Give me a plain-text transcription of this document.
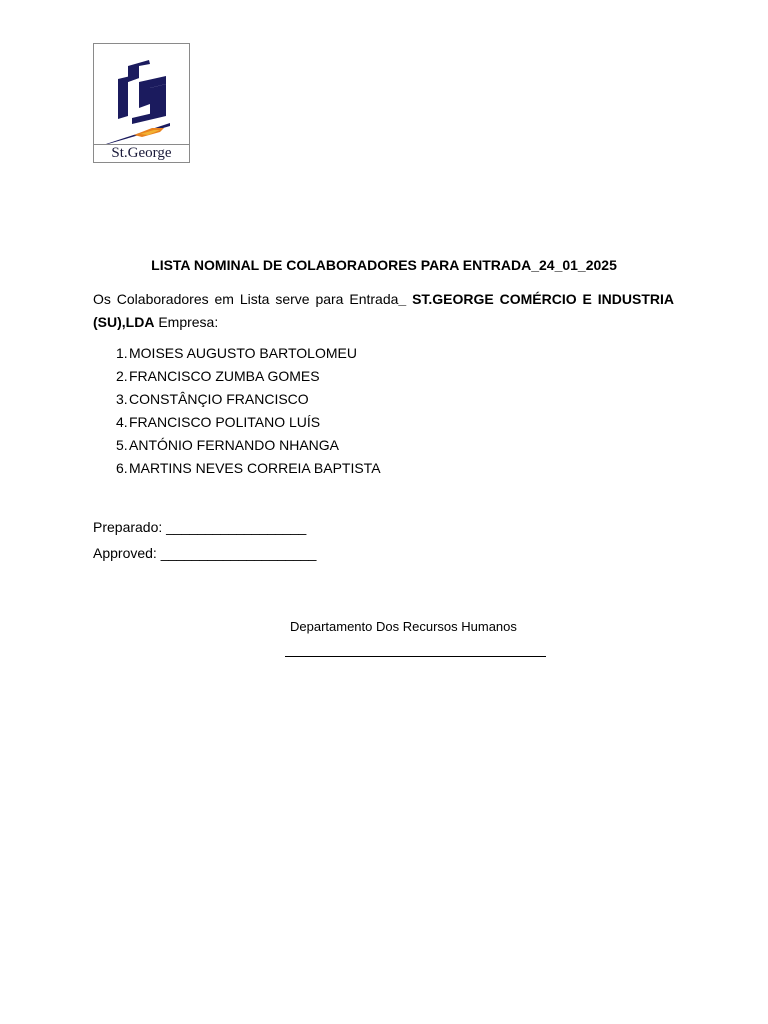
St.George
LISTA NOMINAL DE COLABORADORES PARA ENTRADA_24_01_2025
Os Colaboradores em Lista serve para Entrada_ ST.GEORGE COMÉRCIO E INDUSTRIA (SU),LDA Empresa:
1.MOISES AUGUSTO BARTOLOMEU
2.FRANCISCO ZUMBA GOMES
3.CONSTÂNÇIO FRANCISCO
4.FRANCISCO POLITANO LUÍS
5.ANTÓNIO FERNANDO NHANGA
6.MARTINS NEVES CORREIA BAPTISTA
Preparado: __________________
Approved: ____________________
Departamento Dos Recursos Humanos
